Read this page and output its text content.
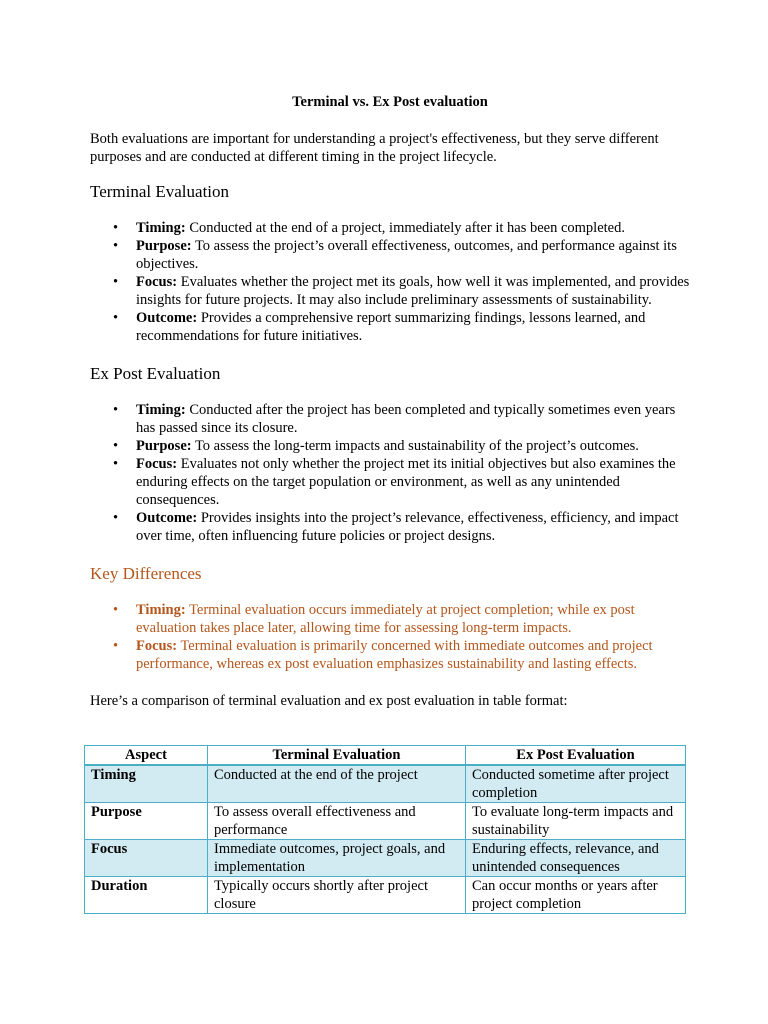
Terminal vs. Ex Post evaluation

Both evaluations are important for understanding a project's effectiveness, but they serve different purposes and are conducted at different timing in the project lifecycle.

Terminal Evaluation
• Timing: Conducted at the end of a project, immediately after it has been completed.
• Purpose: To assess the project’s overall effectiveness, outcomes, and performance against its objectives.
• Focus: Evaluates whether the project met its goals, how well it was implemented, and provides insights for future projects. It may also include preliminary assessments of sustainability.
• Outcome: Provides a comprehensive report summarizing findings, lessons learned, and recommendations for future initiatives.
Ex Post Evaluation
• Timing: Conducted after the project has been completed and typically sometimes even years has passed since its closure.
• Purpose: To assess the long-term impacts and sustainability of the project’s outcomes.
• Focus: Evaluates not only whether the project met its initial objectives but also examines the enduring effects on the target population or environment, as well as any unintended consequences.
• Outcome: Provides insights into the project’s relevance, effectiveness, efficiency, and impact over time, often influencing future policies or project designs.
Key Differences
• Timing: Terminal evaluation occurs immediately at project completion; while ex post evaluation takes place later, allowing time for assessing long-term impacts.
• Focus: Terminal evaluation is primarily concerned with immediate outcomes and project performance, whereas ex post evaluation emphasizes sustainability and lasting effects.

Here’s a comparison of terminal evaluation and ex post evaluation in table format:

Aspect	Terminal Evaluation	Ex Post Evaluation
Timing	Conducted at the end of the project	Conducted sometime after project completion
Purpose	To assess overall effectiveness and performance	To evaluate long-term impacts and sustainability
Focus	Immediate outcomes, project goals, and implementation	Enduring effects, relevance, and unintended consequences
Duration	Typically occurs shortly after project closure	Can occur months or years after project completion
